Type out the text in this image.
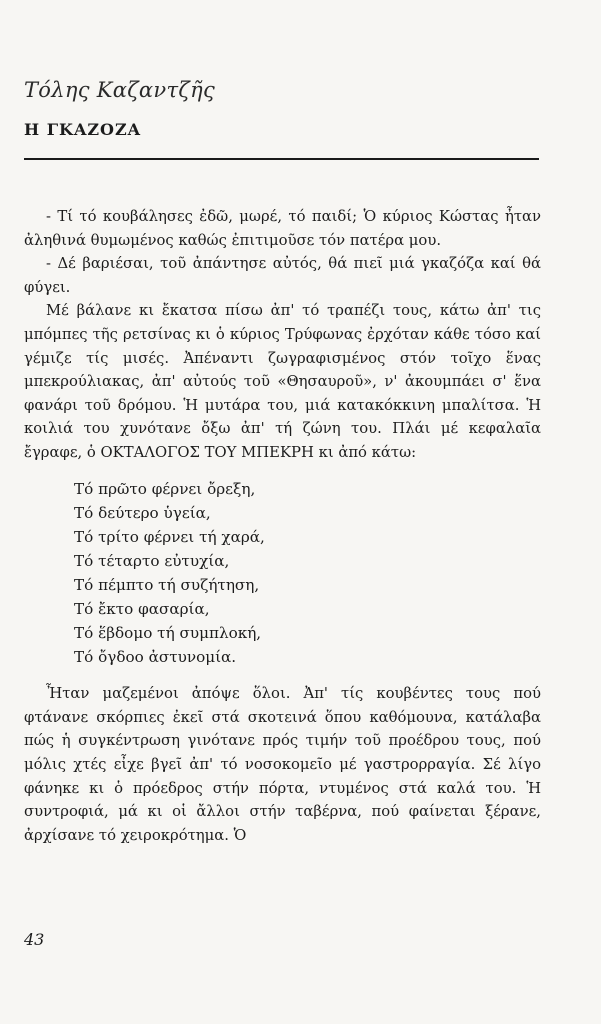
Τόλης Καζαντζῆς
Η ΓΚΑΖΟΖΑ

- Τί τό κουβάλησες ἐδῶ, μωρέ, τό παιδί; Ὁ κύριος Κώστας ἦταν ἀληθινά θυμωμένος καθώς ἐπιτιμοῦσε τόν πατέρα μου.

- Δέ βαριέσαι, τοῦ ἀπάντησε αὐτός, θά πιεῖ μιά γκαζόζα καί θά φύγει.

Μέ βάλανε κι ἔκατσα πίσω ἀπ' τό τραπέζι τους, κάτω ἀπ' τις μπόμπες τῆς ρετσίνας κι ὁ κύριος Τρύφωνας ἐρχόταν κάθε τόσο καί γέμιζε τίς μισές. Ἀπέναντι ζωγραφισμένος στόν τοῖχο ἕνας μπεκρούλιακας, ἀπ' αὐτούς τοῦ «Θησαυροῦ», ν' ἀκουμπάει σ' ἕνα φανάρι τοῦ δρόμου. Ἡ μυτάρα του, μιά κατακόκκινη μπαλίτσα. Ἡ κοιλιά του χυνότανε ὄξω ἀπ' τή ζώνη του. Πλάι μέ κεφαλαῖα ἔγραφε, ὁ ΟΚΤΑΛΟΓΟΣ ΤΟΥ ΜΠΕΚΡΗ κι ἀπό κάτω:

Τό πρῶτο φέρνει ὄρεξη,
Τό δεύτερο ὑγεία,
Τό τρίτο φέρνει τή χαρά,
Τό τέταρτο εὐτυχία,
Τό πέμπτο τή συζήτηση,
Τό ἔκτο φασαρία,
Τό ἕβδομο τή συμπλοκή,
Τό ὄγδοο ἀστυνομία.

Ἦταν μαζεμένοι ἀπόψε ὅλοι. Ἀπ' τίς κουβέντες τους πού φτάνανε σκόρπιες ἐκεῖ στά σκοτεινά ὅπου καθόμουνα, κατάλαβα πώς ἡ συγκέντρωση γινότανε πρός τιμήν τοῦ προέδρου τους, πού μόλις χτές εἶχε βγεῖ ἀπ' τό νοσοκομεῖο μέ γαστρορραγία. Σέ λίγο φάνηκε κι ὁ πρόεδρος στήν πόρτα, ντυμένος στά καλά του. Ἡ συντροφιά, μά κι οἱ ἄλλοι στήν ταβέρνα, πού φαίνεται ξέρανε, ἀρχίσανε τό χειροκρότημα. Ὁ

43
